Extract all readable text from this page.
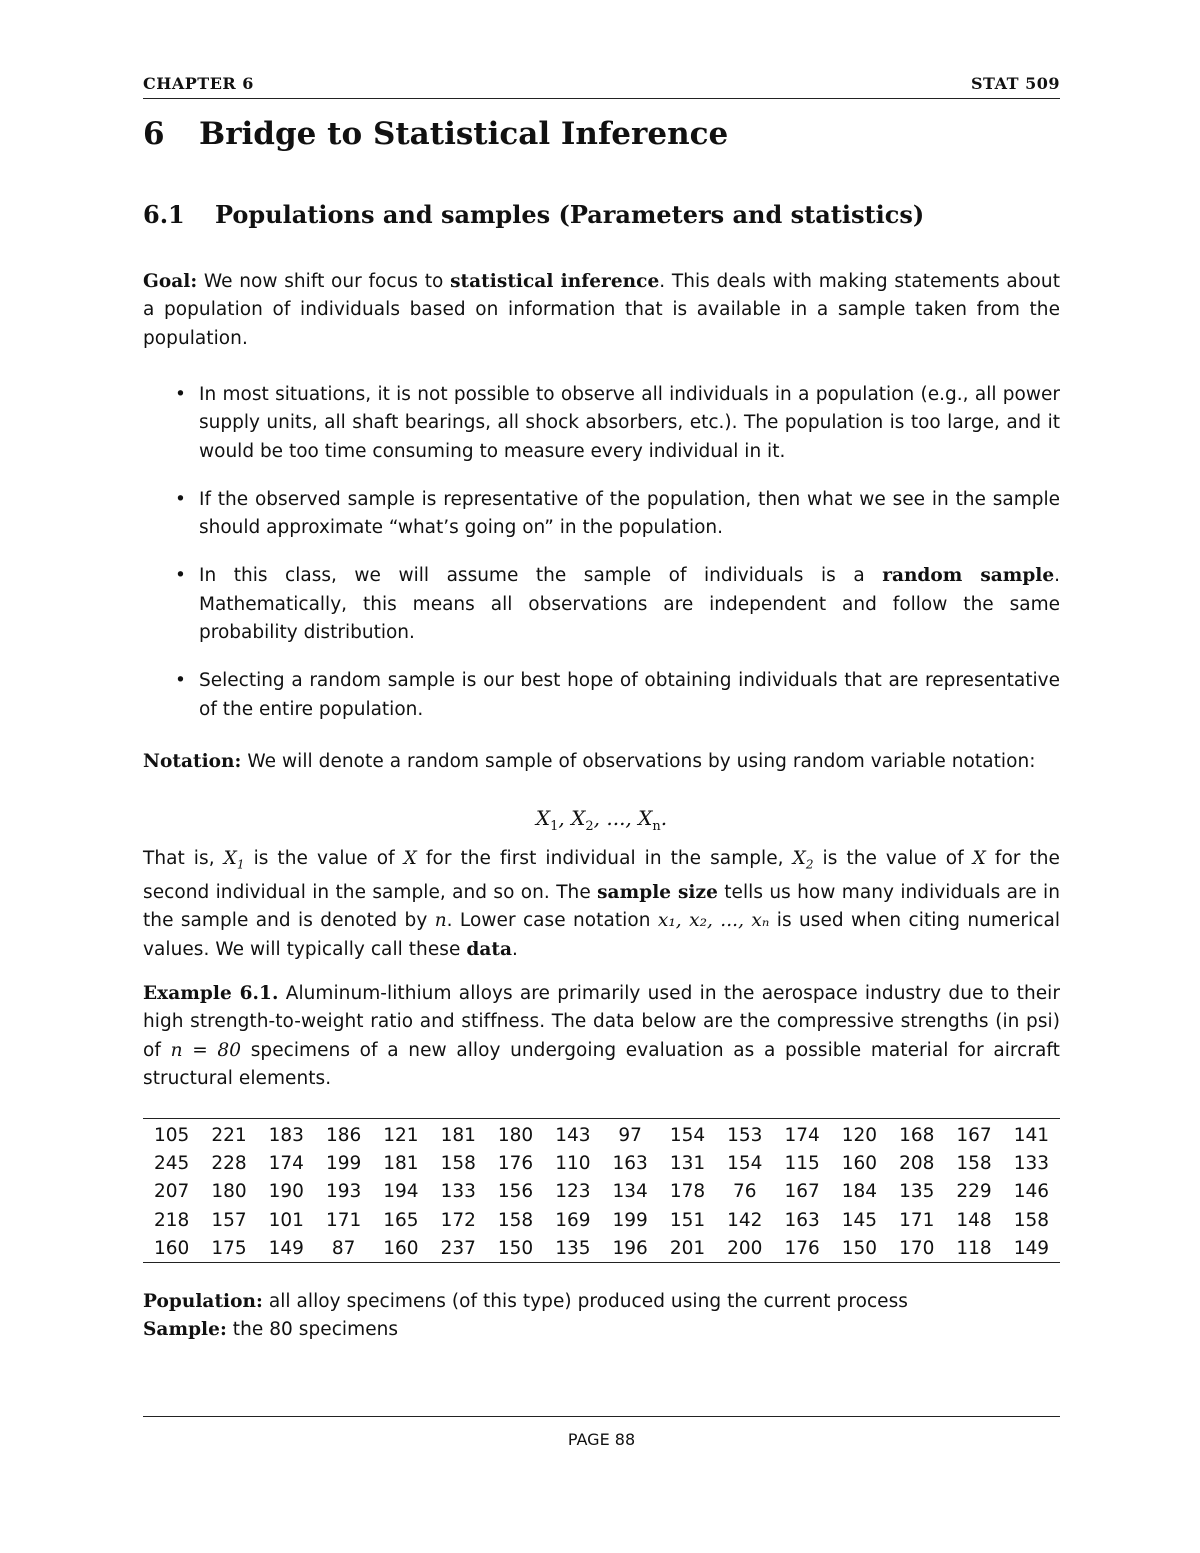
CHAPTER 6	STAT 509
6 Bridge to Statistical Inference
6.1 Populations and samples (Parameters and statistics)

Goal: We now shift our focus to statistical inference. This deals with making statements about a population of individuals based on information that is available in a sample taken from the population.

• In most situations, it is not possible to observe all individuals in a population (e.g., all power supply units, all shaft bearings, all shock absorbers, etc.). The population is too large, and it would be too time consuming to measure every individual in it.
• If the observed sample is representative of the population, then what we see in the sample should approximate “what’s going on” in the population.
• In this class, we will assume the sample of individuals is a random sample. Mathematically, this means all observations are independent and follow the same probability distribution.
• Selecting a random sample is our best hope of obtaining individuals that are representative of the entire population.

Notation: We will denote a random sample of observations by using random variable notation:

$X_1$, $X_2$, ..., $X_n$.

That is, $X_1$ is the value of X for the first individual in the sample, $X_2$ is the value of X for the second individual in the sample, and so on. The sample size tells us how many individuals are in the sample and is denoted by n. Lower case notation x₁, x₂, ..., xₙ is used when citing numerical values. We will typically call these data.

Example 6.1. Aluminum-lithium alloys are primarily used in the aerospace industry due to their high strength-to-weight ratio and stiffness. The data below are the compressive strengths (in psi) of n = 80 specimens of a new alloy undergoing evaluation as a possible material for aircraft structural elements.

105	221	183	186	121	181	180	143	97	154	153	174	120	168	167	141
245	228	174	199	181	158	176	110	163	131	154	115	160	208	158	133
207	180	190	193	194	133	156	123	134	178	76	167	184	135	229	146
218	157	101	171	165	172	158	169	199	151	142	163	145	171	148	158
160	175	149	87	160	237	150	135	196	201	200	176	150	170	118	149

Population: all alloy specimens (of this type) produced using the current process
Sample: the 80 specimens

PAGE 88
